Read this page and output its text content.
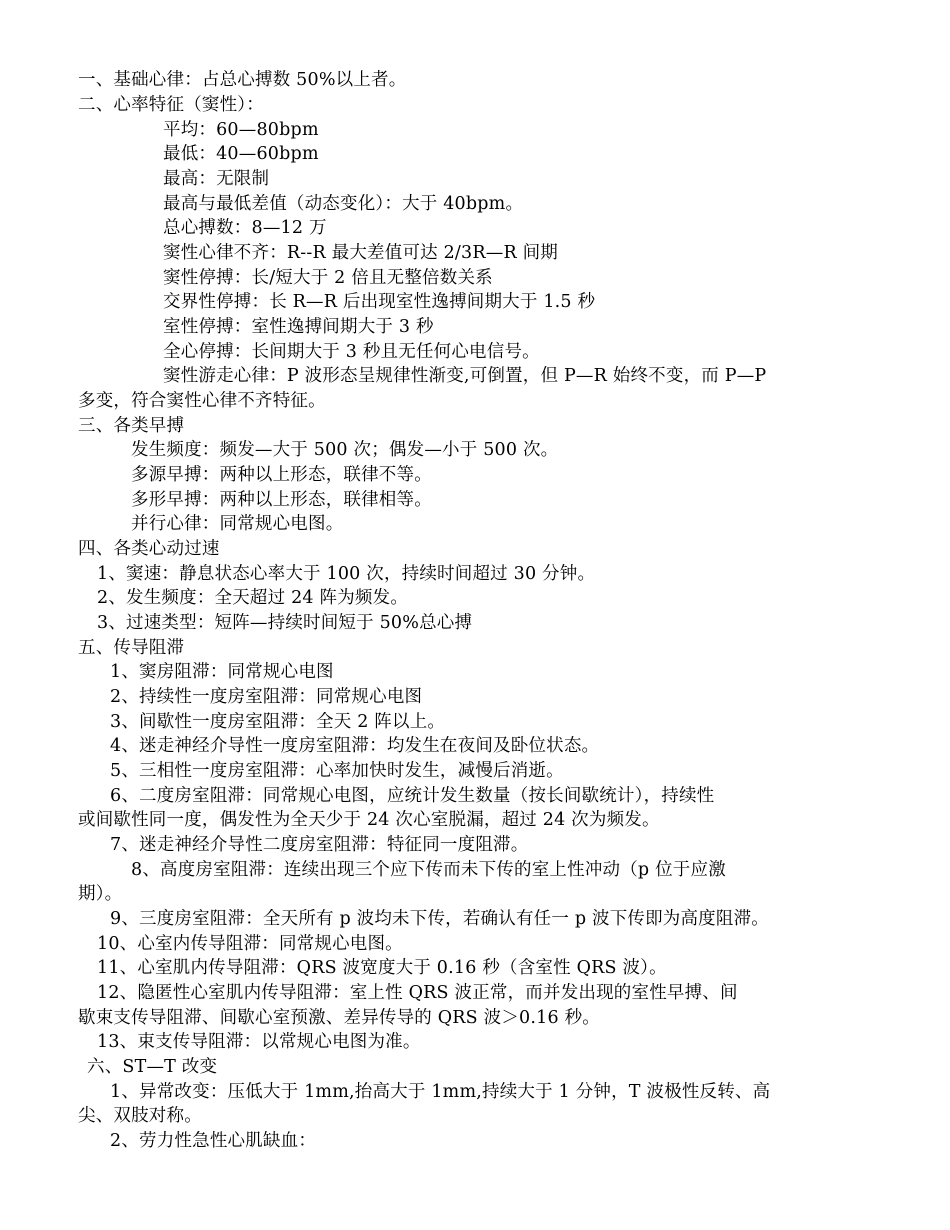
一、基础心律：占总心搏数 50%以上者。
二、心率特征（窦性）：
平均：60—80bpm
最低：40—60bpm
最高：无限制
最高与最低差值（动态变化）：大于 40bpm。
总心搏数：8—12 万
窦性心律不齐：R--R 最大差值可达 2/3R—R 间期
窦性停搏：长/短大于 2 倍且无整倍数关系
交界性停搏：长 R—R 后出现室性逸搏间期大于 1.5 秒
室性停搏：室性逸搏间期大于 3 秒
全心停搏：长间期大于 3 秒且无任何心电信号。
窦性游走心律：P 波形态呈规律性渐变,可倒置，但 P—R 始终不变，而 P—P
多变，符合窦性心律不齐特征。
三、各类早搏
发生频度：频发—大于 500 次；偶发—小于 500 次。
多源早搏：两种以上形态，联律不等。
多形早搏：两种以上形态，联律相等。
并行心律：同常规心电图。
四、各类心动过速
1、窦速：静息状态心率大于 100 次，持续时间超过 30 分钟。
2、发生频度：全天超过 24 阵为频发。
3、过速类型：短阵—持续时间短于 50%总心搏
五、传导阻滞
1、窦房阻滞：同常规心电图
2、持续性一度房室阻滞：同常规心电图
3、间歇性一度房室阻滞：全天 2 阵以上。
4、迷走神经介导性一度房室阻滞：均发生在夜间及卧位状态。
5、三相性一度房室阻滞：心率加快时发生，减慢后消逝。
6、二度房室阻滞：同常规心电图，应统计发生数量（按长间歇统计），持续性
或间歇性同一度，偶发性为全天少于 24 次心室脱漏，超过 24 次为频发。
7、迷走神经介导性二度房室阻滞：特征同一度阻滞。
8、高度房室阻滞：连续出现三个应下传而未下传的室上性冲动（p 位于应激
期）。
9、三度房室阻滞：全天所有 p 波均未下传，若确认有任一 p 波下传即为高度阻滞。
10、心室内传导阻滞：同常规心电图。
11、心室肌内传导阻滞：QRS 波宽度大于 0.16 秒（含室性 QRS 波）。
12、隐匿性心室肌内传导阻滞：室上性 QRS 波正常，而并发出现的室性早搏、间
歇束支传导阻滞、间歇心室预激、差异传导的 QRS 波＞0.16 秒。
13、束支传导阻滞：以常规心电图为准。
六、ST—T 改变
1、异常改变：压低大于 1mm,抬高大于 1mm,持续大于 1 分钟，T 波极性反转、高
尖、双肢对称。
2、劳力性急性心肌缺血：
